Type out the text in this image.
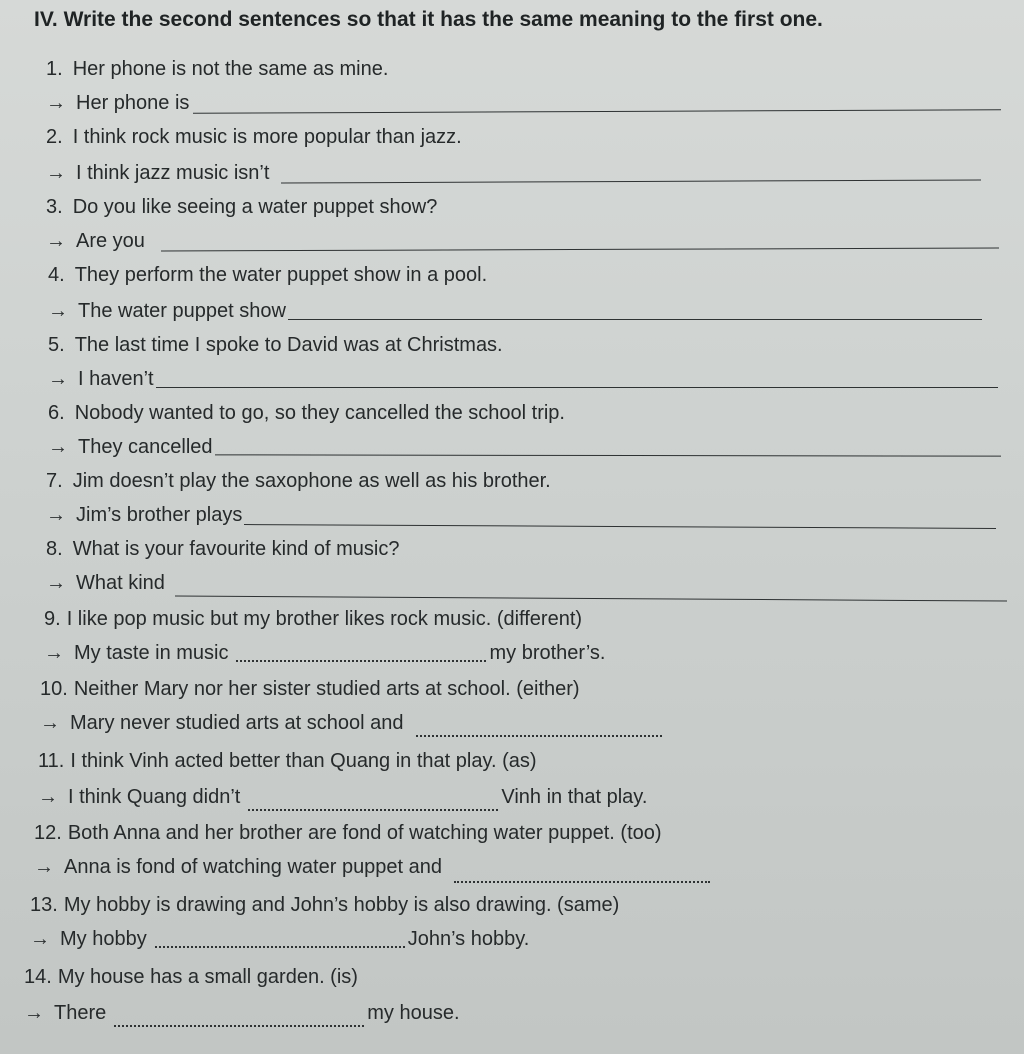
IV. Write the second sentences so that it has the same meaning to the first one.
1. Her phone is not the same as mine.
→ Her phone is
2. I think rock music is more popular than jazz.
→ I think jazz music isn’t
3. Do you like seeing a water puppet show?
→ Are you
4. They perform the water puppet show in a pool.
→ The water puppet show
5. The last time I spoke to David was at Christmas.
→ I haven’t
6. Nobody wanted to go, so they cancelled the school trip.
→ They cancelled
7. Jim doesn’t play the saxophone as well as his brother.
→ Jim’s brother plays
8. What is your favourite kind of music?
→ What kind
9. I like pop music but my brother likes rock music. (different)
→ My taste in music	my brother’s.
10. Neither Mary nor her sister studied arts at school. (either)
→ Mary never studied arts at school and
11. I think Vinh acted better than Quang in that play. (as)
→ I think Quang didn’t	Vinh in that play.
12. Both Anna and her brother are fond of watching water puppet. (too)
→ Anna is fond of watching water puppet and
13. My hobby is drawing and John’s hobby is also drawing. (same)
→ My hobby	John’s hobby.
14. My house has a small garden. (is)
→ There	my house.
